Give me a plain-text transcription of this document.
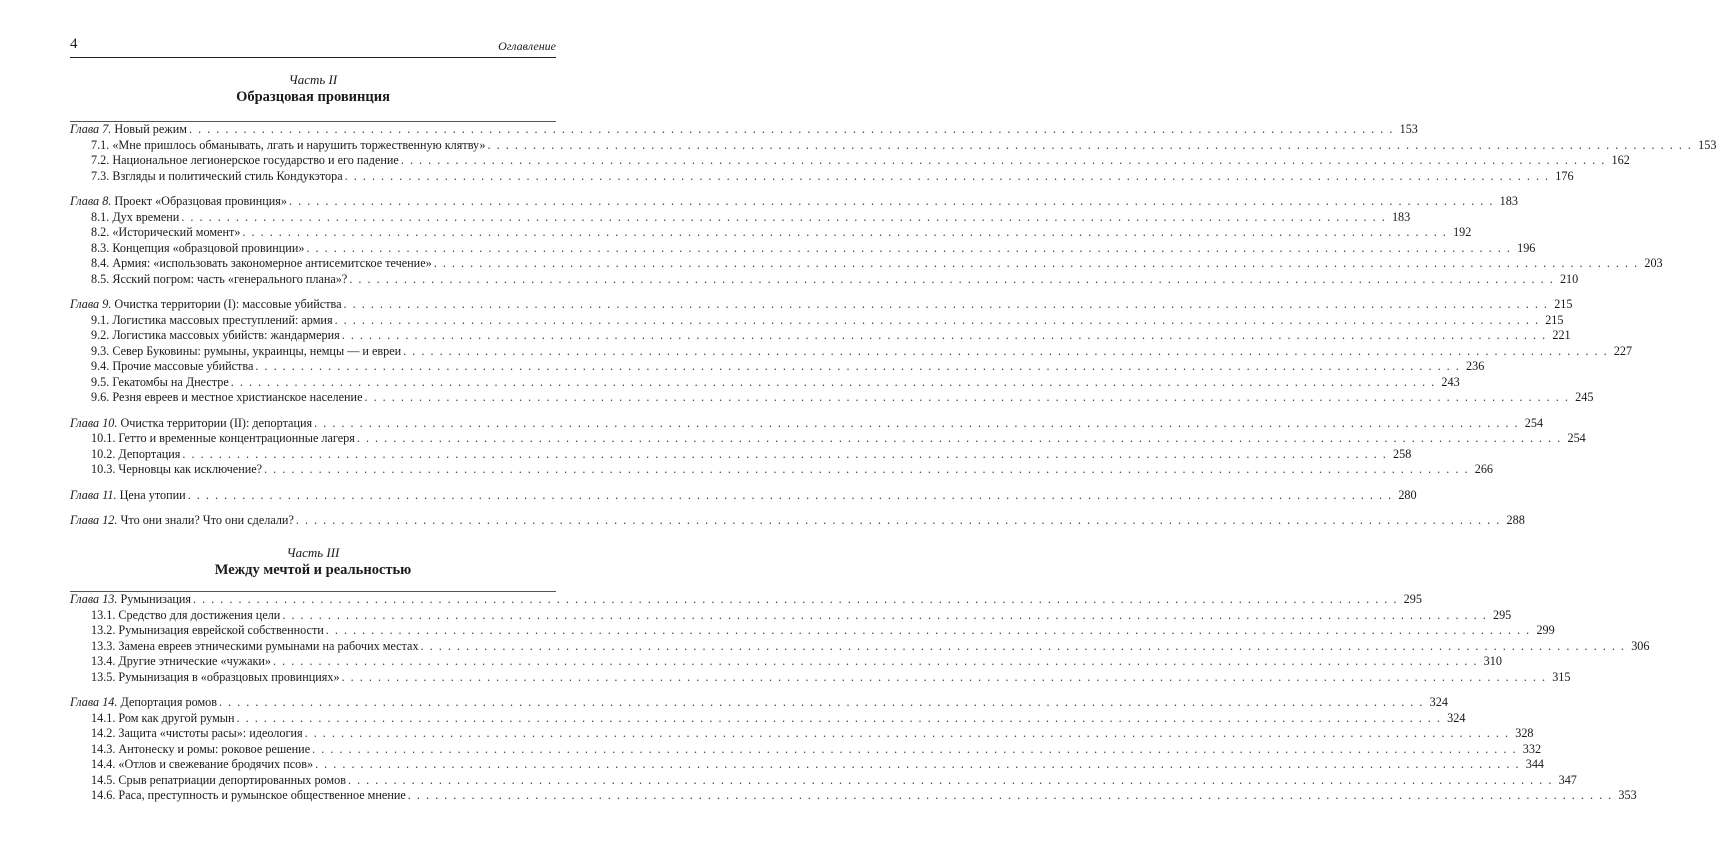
4	Оглавление
Часть II
Образцовая провинция
Глава 7. Новый режим . . .	153
7.1. «Мне пришлось обманывать, лгать и нарушить торжественную клятву» . . .	153
7.2. Национальное легионерское государство и его падение . . .	162
7.3. Взгляды и политический стиль Кондукэтора . . .	176
Глава 8. Проект «Образцовая провинция» . . .	183
8.1. Дух времени . . .	183
8.2. «Исторический момент» . . .	192
8.3. Концепция «образцовой провинции» . . .	196
8.4. Армия: «использовать закономерное антисемитское течение» . . .	203
8.5. Ясский погром: часть «генерального плана»? . . .	210
Глава 9. Очистка территории (I): массовые убийства . . .	215
9.1. Логистика массовых преступлений: армия . . .	215
9.2. Логистика массовых убийств: жандармерия . . .	221
9.3. Север Буковины: румыны, украинцы, немцы — и евреи . . .	227
9.4. Прочие массовые убийства . . .	236
9.5. Гекатомбы на Днестре . . .	243
9.6. Резня евреев и местное христианское население . . .	245
Глава 10. Очистка территории (II): депортация . . .	254
10.1. Гетто и временные концентрационные лагеря . . .	254
10.2. Депортация . . .	258
10.3. Черновцы как исключение? . . .	266
Глава 11. Цена утопии . . .	280
Глава 12. Что они знали? Что они сделали? . . .	288
Часть III
Между мечтой и реальностью
Глава 13. Румынизация . . .	295
13.1. Средство для достижения цели . . .	295
13.2. Румынизация еврейской собственности . . .	299
13.3. Замена евреев этническими румынами на рабочих местах . . .	306
13.4. Другие этнические «чужаки» . . .	310
13.5. Румынизация в «образцовых провинциях» . . .	315
Глава 14. Депортация ромов . . .	324
14.1. Ром как другой румын . . .	324
14.2. Защита «чистоты расы»: идеология . . .	328
14.3. Антонеску и ромы: роковое решение . . .	332
14.4. «Отлов и свежевание бродячих псов» . . .	344
14.5. Срыв репатриации депортированных ромов . . .	347
14.6. Раса, преступность и румынское общественное мнение . . .	353
